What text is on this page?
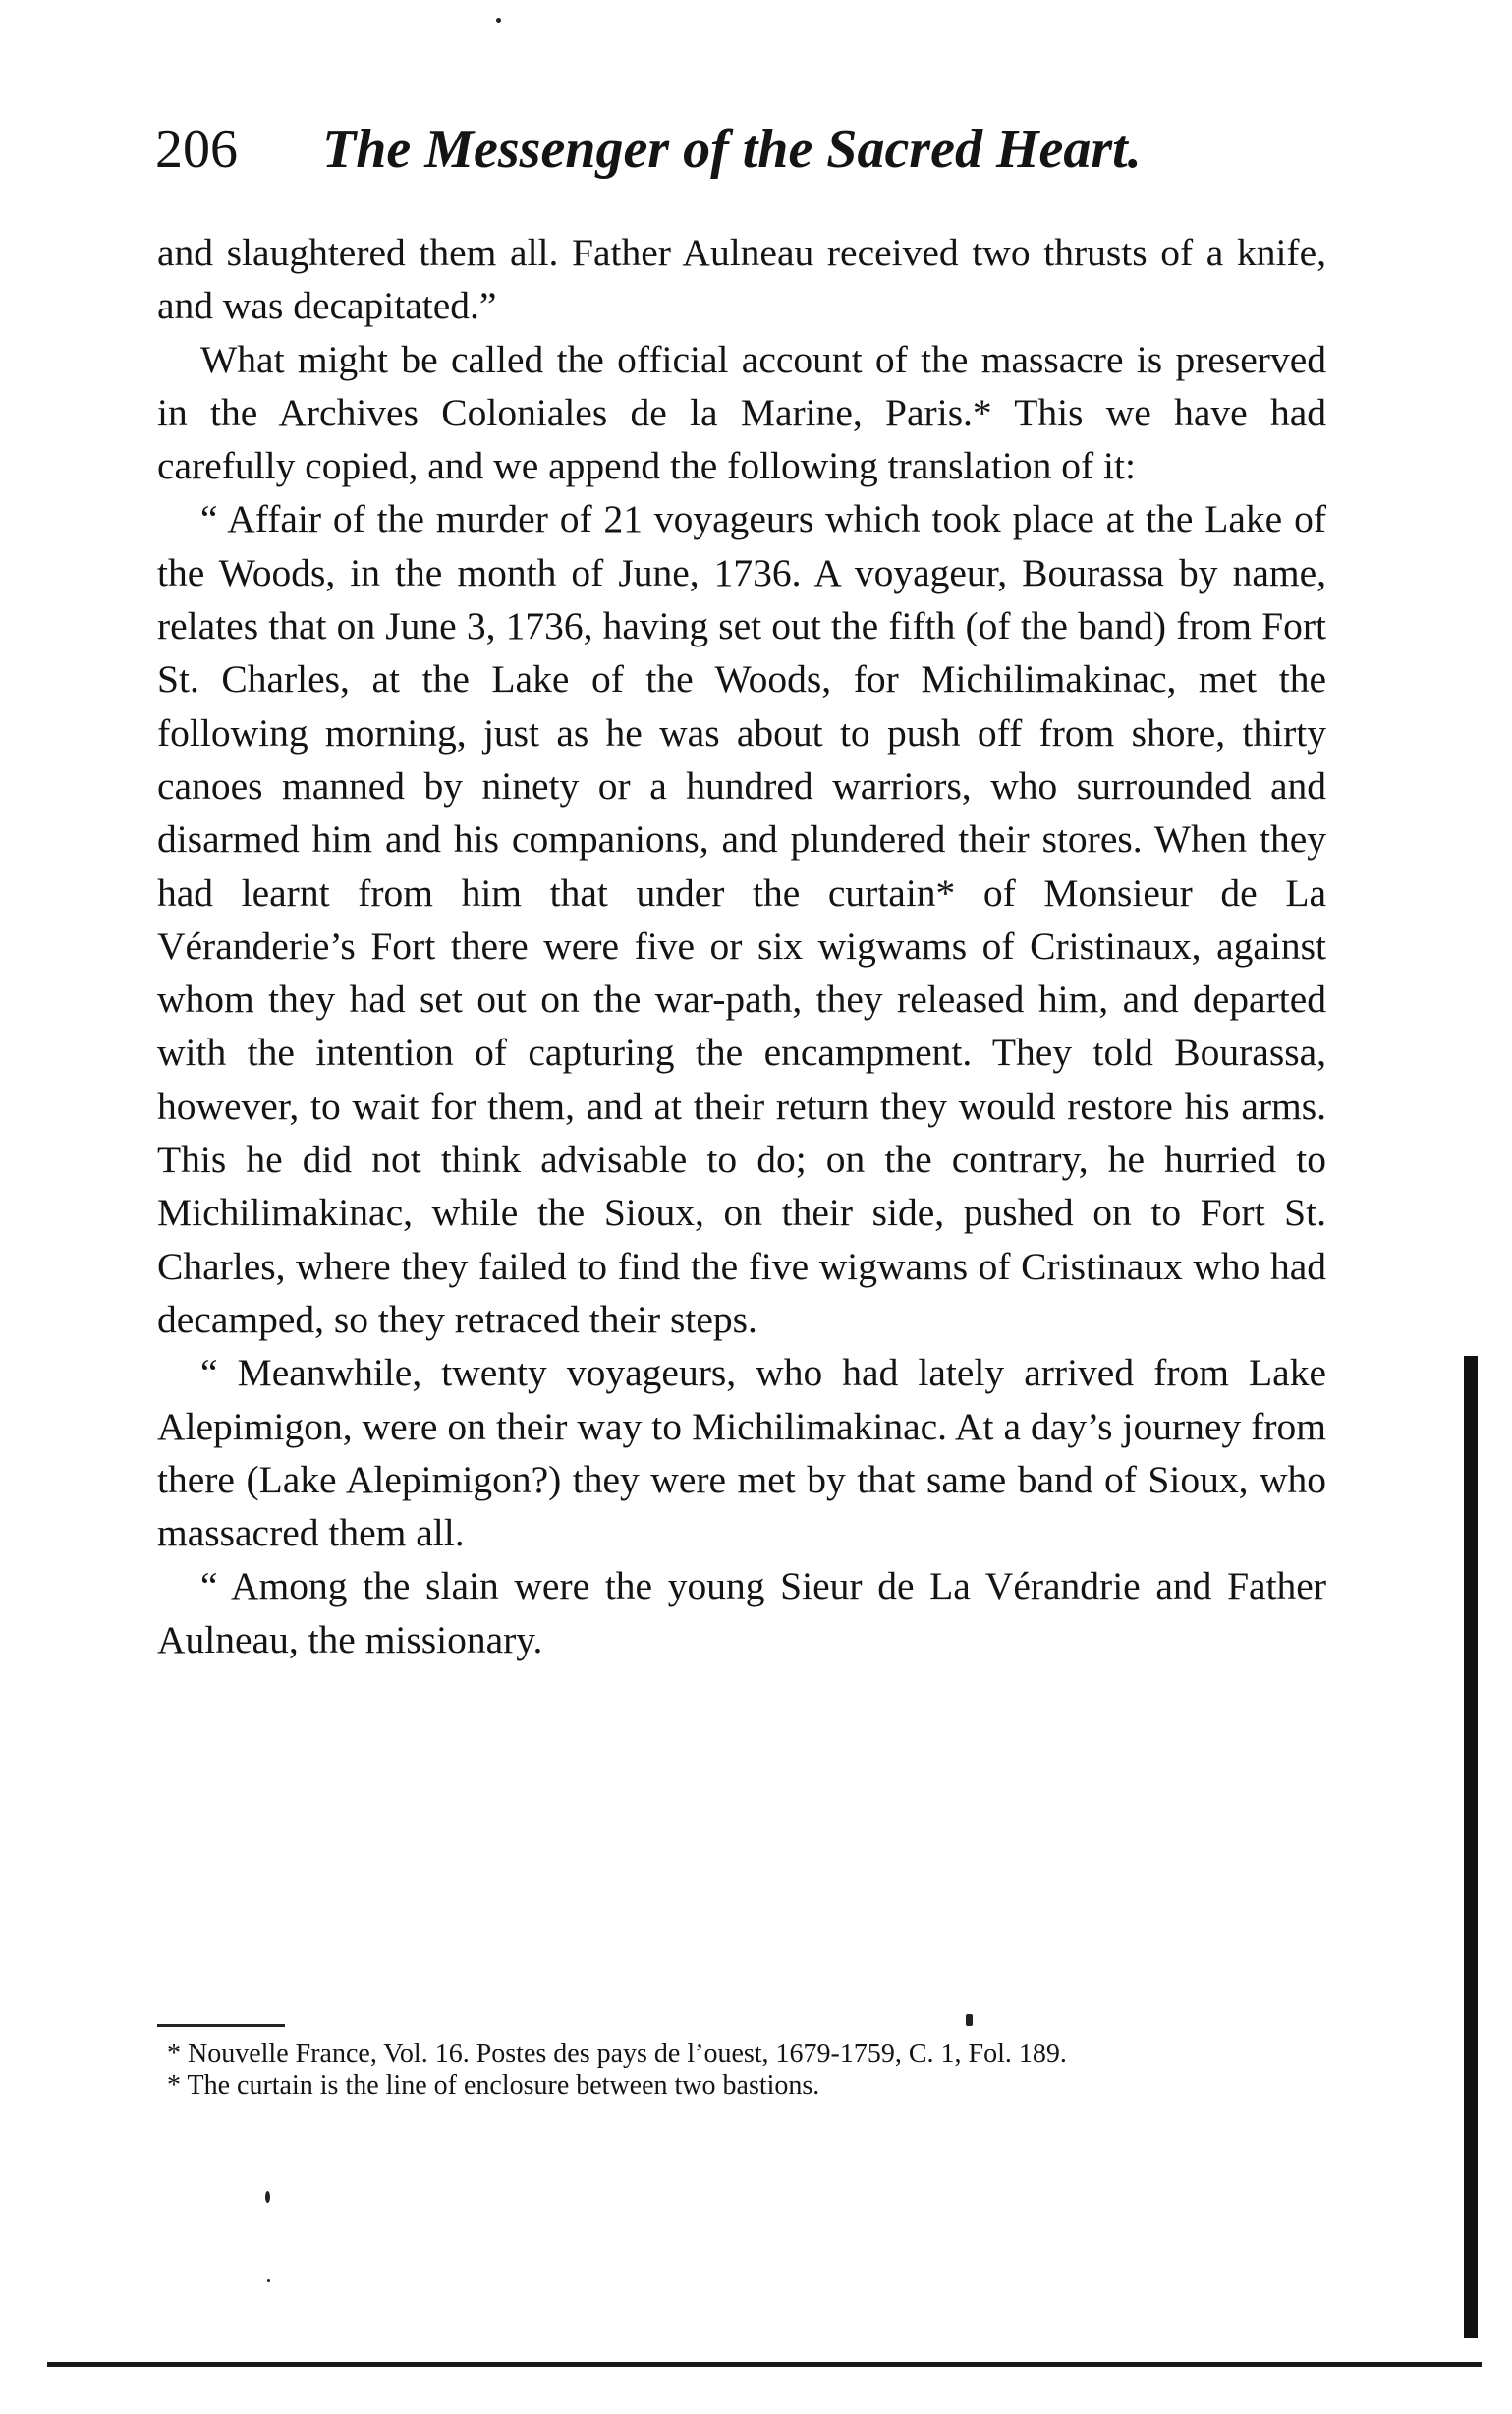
206 The Messenger of the Sacred Heart.

and slaughtered them all. Father Aulneau received two thrusts of a knife, and was decapitated.”

What might be called the official account of the massacre is preserved in the Archives Coloniales de la Marine, Paris.* This we have had carefully copied, and we append the following translation of it:

“ Affair of the murder of 21 voyageurs which took place at the Lake of the Woods, in the month of June, 1736. A voyageur, Bourassa by name, relates that on June 3, 1736, having set out the fifth (of the band) from Fort St. Charles, at the Lake of the Woods, for Michilimakinac, met the following morning, just as he was about to push off from shore, thirty canoes manned by ninety or a hundred warriors, who surrounded and disarmed him and his companions, and plundered their stores. When they had learnt from him that under the curtain* of Monsieur de La Véranderie’s Fort there were five or six wigwams of Cristinaux, against whom they had set out on the war-path, they released him, and departed with the intention of capturing the encampment. They told Bourassa, however, to wait for them, and at their return they would restore his arms. This he did not think advisable to do; on the contrary, he hurried to Michilimakinac, while the Sioux, on their side, pushed on to Fort St. Charles, where they failed to find the five wigwams of Cristinaux who had decamped, so they retraced their steps.

“ Meanwhile, twenty voyageurs, who had lately arrived from Lake Alepimigon, were on their way to Michilimakinac. At a day’s journey from there (Lake Alepimigon?) they were met by that same band of Sioux, who massacred them all.

“ Among the slain were the young Sieur de La Vérandrie and Father Aulneau, the missionary.

* Nouvelle France, Vol. 16. Postes des pays de l’ouest, 1679-1759, C. 1, Fol. 189.

* The curtain is the line of enclosure between two bastions.
